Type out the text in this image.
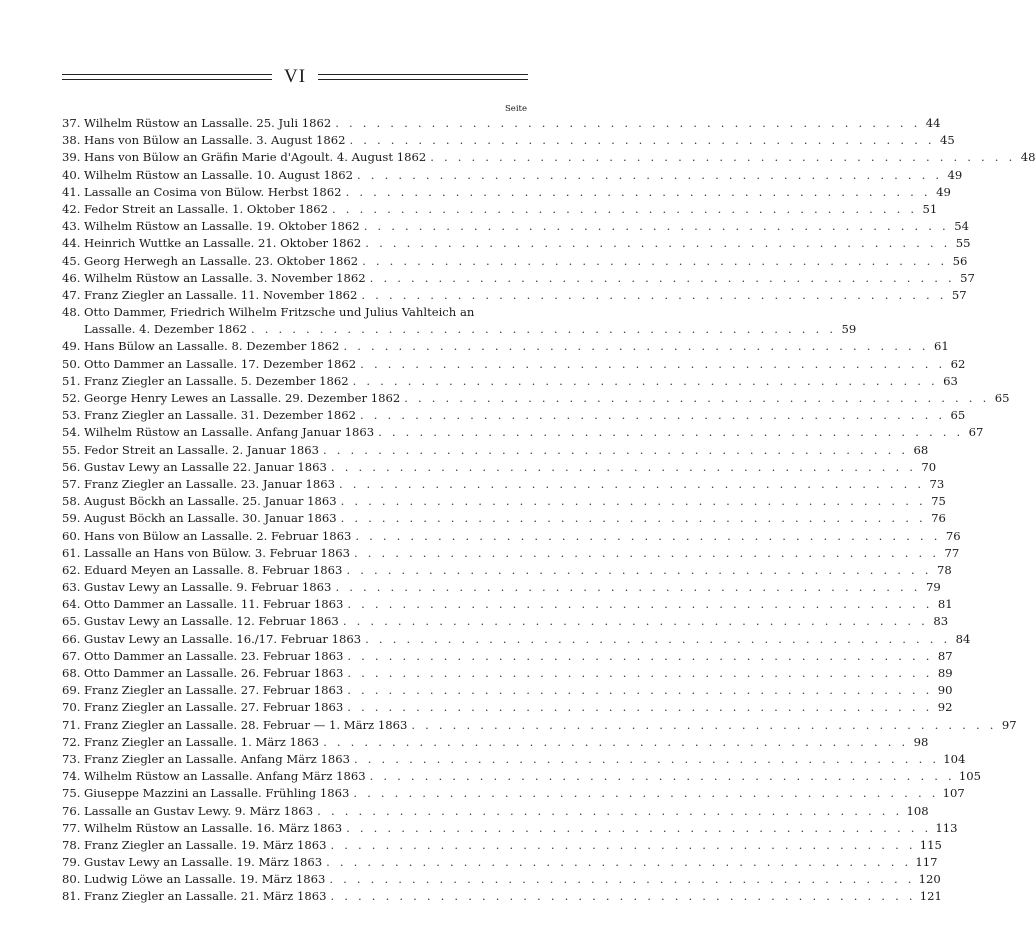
VI
Seite
37. Wilhelm Rüstow an Lassalle. 25. Juli 1862 . . . . . . . . . . . . . . . . . . . . . . . . . . . . . . . . . . . . . . . . . . . 44
38. Hans von Bülow an Lassalle. 3. August 1862 . . . . . . . . . . . . . . . . . . . . . . . . . . . . . . . . . . . . . . . . . . . 45
39. Hans von Bülow an Gräfin Marie d'Agoult. 4. August 1862 . . . . . . . . . . . . . . . . . . . . . . . . . . . . . . . . . . . . . . . . . . . 48
40. Wilhelm Rüstow an Lassalle. 10. August 1862 . . . . . . . . . . . . . . . . . . . . . . . . . . . . . . . . . . . . . . . . . . . 49
41. Lassalle an Cosima von Bülow. Herbst 1862 . . . . . . . . . . . . . . . . . . . . . . . . . . . . . . . . . . . . . . . . . . . 49
42. Fedor Streit an Lassalle. 1. Oktober 1862 . . . . . . . . . . . . . . . . . . . . . . . . . . . . . . . . . . . . . . . . . . . 51
43. Wilhelm Rüstow an Lassalle. 19. Oktober 1862 . . . . . . . . . . . . . . . . . . . . . . . . . . . . . . . . . . . . . . . . . . . 54
44. Heinrich Wuttke an Lassalle. 21. Oktober 1862 . . . . . . . . . . . . . . . . . . . . . . . . . . . . . . . . . . . . . . . . . . . 55
45. Georg Herwegh an Lassalle. 23. Oktober 1862 . . . . . . . . . . . . . . . . . . . . . . . . . . . . . . . . . . . . . . . . . . . 56
46. Wilhelm Rüstow an Lassalle. 3. November 1862 . . . . . . . . . . . . . . . . . . . . . . . . . . . . . . . . . . . . . . . . . . . 57
47. Franz Ziegler an Lassalle. 11. November 1862 . . . . . . . . . . . . . . . . . . . . . . . . . . . . . . . . . . . . . . . . . . . 57
48. Otto Dammer, Friedrich Wilhelm Fritzsche und Julius Vahlteich an
Lassalle. 4. Dezember 1862 . . . . . . . . . . . . . . . . . . . . . . . . . . . . . . . . . . . . . . . . . . . 59
49. Hans Bülow an Lassalle. 8. Dezember 1862 . . . . . . . . . . . . . . . . . . . . . . . . . . . . . . . . . . . . . . . . . . . 61
50. Otto Dammer an Lassalle. 17. Dezember 1862 . . . . . . . . . . . . . . . . . . . . . . . . . . . . . . . . . . . . . . . . . . . 62
51. Franz Ziegler an Lassalle. 5. Dezember 1862 . . . . . . . . . . . . . . . . . . . . . . . . . . . . . . . . . . . . . . . . . . . 63
52. George Henry Lewes an Lassalle. 29. Dezember 1862 . . . . . . . . . . . . . . . . . . . . . . . . . . . . . . . . . . . . . . . . . . . 65
53. Franz Ziegler an Lassalle. 31. Dezember 1862 . . . . . . . . . . . . . . . . . . . . . . . . . . . . . . . . . . . . . . . . . . . 65
54. Wilhelm Rüstow an Lassalle. Anfang Januar 1863 . . . . . . . . . . . . . . . . . . . . . . . . . . . . . . . . . . . . . . . . . . . 67
55. Fedor Streit an Lassalle. 2. Januar 1863 . . . . . . . . . . . . . . . . . . . . . . . . . . . . . . . . . . . . . . . . . . . 68
56. Gustav Lewy an Lassalle 22. Januar 1863 . . . . . . . . . . . . . . . . . . . . . . . . . . . . . . . . . . . . . . . . . . . 70
57. Franz Ziegler an Lassalle. 23. Januar 1863 . . . . . . . . . . . . . . . . . . . . . . . . . . . . . . . . . . . . . . . . . . . 73
58. August Böckh an Lassalle. 25. Januar 1863 . . . . . . . . . . . . . . . . . . . . . . . . . . . . . . . . . . . . . . . . . . . 75
59. August Böckh an Lassalle. 30. Januar 1863 . . . . . . . . . . . . . . . . . . . . . . . . . . . . . . . . . . . . . . . . . . . 76
60. Hans von Bülow an Lassalle. 2. Februar 1863 . . . . . . . . . . . . . . . . . . . . . . . . . . . . . . . . . . . . . . . . . . . 76
61. Lassalle an Hans von Bülow. 3. Februar 1863 . . . . . . . . . . . . . . . . . . . . . . . . . . . . . . . . . . . . . . . . . . . 77
62. Eduard Meyen an Lassalle. 8. Februar 1863 . . . . . . . . . . . . . . . . . . . . . . . . . . . . . . . . . . . . . . . . . . . 78
63. Gustav Lewy an Lassalle. 9. Februar 1863 . . . . . . . . . . . . . . . . . . . . . . . . . . . . . . . . . . . . . . . . . . . 79
64. Otto Dammer an Lassalle. 11. Februar 1863 . . . . . . . . . . . . . . . . . . . . . . . . . . . . . . . . . . . . . . . . . . . 81
65. Gustav Lewy an Lassalle. 12. Februar 1863 . . . . . . . . . . . . . . . . . . . . . . . . . . . . . . . . . . . . . . . . . . . 83
66. Gustav Lewy an Lassalle. 16./17. Februar 1863 . . . . . . . . . . . . . . . . . . . . . . . . . . . . . . . . . . . . . . . . . . . 84
67. Otto Dammer an Lassalle. 23. Februar 1863 . . . . . . . . . . . . . . . . . . . . . . . . . . . . . . . . . . . . . . . . . . . 87
68. Otto Dammer an Lassalle. 26. Februar 1863 . . . . . . . . . . . . . . . . . . . . . . . . . . . . . . . . . . . . . . . . . . . 89
69. Franz Ziegler an Lassalle. 27. Februar 1863 . . . . . . . . . . . . . . . . . . . . . . . . . . . . . . . . . . . . . . . . . . . 90
70. Franz Ziegler an Lassalle. 27. Februar 1863 . . . . . . . . . . . . . . . . . . . . . . . . . . . . . . . . . . . . . . . . . . . 92
71. Franz Ziegler an Lassalle. 28. Februar — 1. März 1863 . . . . . . . . . . . . . . . . . . . . . . . . . . . . . . . . . . . . . . . . . . . 97
72. Franz Ziegler an Lassalle. 1. März 1863 . . . . . . . . . . . . . . . . . . . . . . . . . . . . . . . . . . . . . . . . . . . 98
73. Franz Ziegler an Lassalle. Anfang März 1863 . . . . . . . . . . . . . . . . . . . . . . . . . . . . . . . . . . . . . . . . . . . 104
74. Wilhelm Rüstow an Lassalle. Anfang März 1863 . . . . . . . . . . . . . . . . . . . . . . . . . . . . . . . . . . . . . . . . . . . 105
75. Giuseppe Mazzini an Lassalle. Frühling 1863 . . . . . . . . . . . . . . . . . . . . . . . . . . . . . . . . . . . . . . . . . . . 107
76. Lassalle an Gustav Lewy. 9. März 1863 . . . . . . . . . . . . . . . . . . . . . . . . . . . . . . . . . . . . . . . . . . . 108
77. Wilhelm Rüstow an Lassalle. 16. März 1863 . . . . . . . . . . . . . . . . . . . . . . . . . . . . . . . . . . . . . . . . . . . 113
78. Franz Ziegler an Lassalle. 19. März 1863 . . . . . . . . . . . . . . . . . . . . . . . . . . . . . . . . . . . . . . . . . . . 115
79. Gustav Lewy an Lassalle. 19. März 1863 . . . . . . . . . . . . . . . . . . . . . . . . . . . . . . . . . . . . . . . . . . . 117
80. Ludwig Löwe an Lassalle. 19. März 1863 . . . . . . . . . . . . . . . . . . . . . . . . . . . . . . . . . . . . . . . . . . . 120
81. Franz Ziegler an Lassalle. 21. März 1863 . . . . . . . . . . . . . . . . . . . . . . . . . . . . . . . . . . . . . . . . . . . 121
